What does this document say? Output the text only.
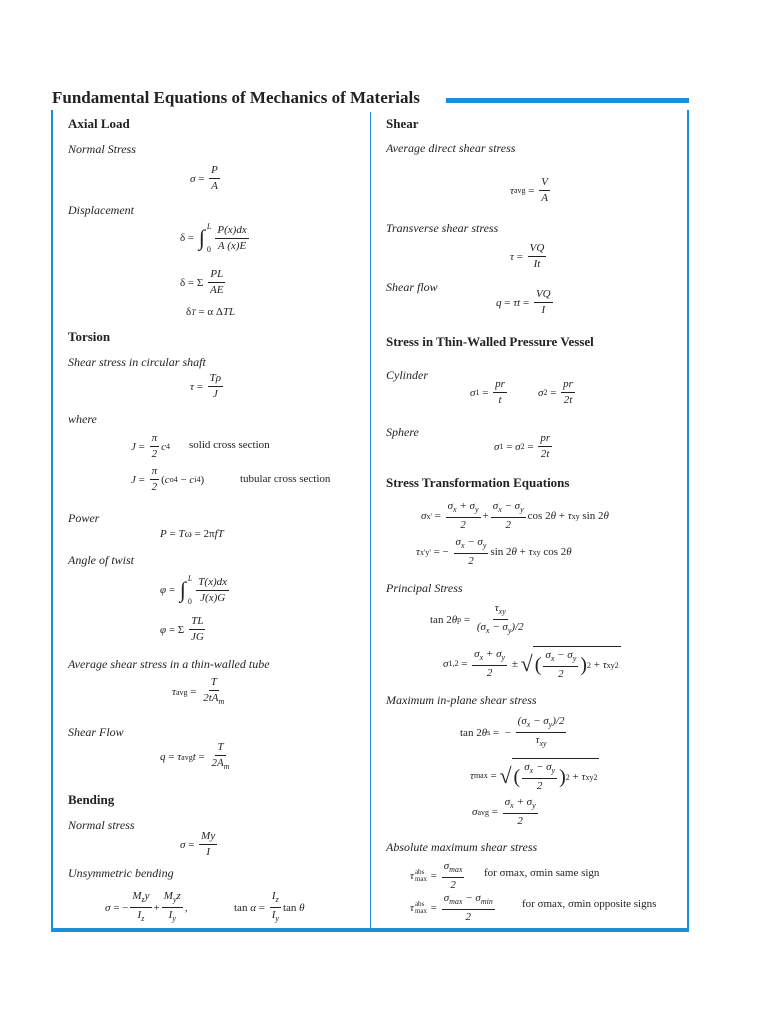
Fundamental Equations of Mechanics of Materials
Axial Load
Normal Stress
$\sigma = \frac{P}{A}$
Displacement
δ = ∫ L
$0 \frac{P(x)dx}{A (x)E}$
δ = Σ $\frac{PL}{AE}$
δ T = α Δ TL
Torsion
Shear stress in circular shaft
$\tau = \frac{T\rho}{J}$
where
$J = \frac{\pi}{2}$ c 4 solid cross section
$J = \frac{\pi}{2}$ ( c o 4 − c i 4 )	tubular cross section
Power
P = T ω = 2π fT
Angle of twist
φ = ∫ L
$0 \frac{T(x)dx}{J(x)G}$
φ = Σ $\frac{TL}{JG}$
Average shear stress in a thin-walled tube
τ avg = $\frac{T}{2tA_m}$
Shear Flow
q = τ avg $t = \frac{T}{2A_m}$
Bending
Normal stress
$\sigma = \frac{My}{I}$
Unsymmetric bending
σ = − $\frac{M_zy}{I_z} + \frac{M_yz}{I_y}$ ,	$\tan \alpha = \frac{I_z}{I_y}$ tan θ
Shear
Average direct shear stress
τ avg = $\frac{V}{A}$
Transverse shear stress
$\tau = \frac{VQ}{It}$
Shear flow
$q = \tau t = \frac{VQ}{I}$
Stress in Thin-Walled Pressure Vessel
Cylinder
σ $1 = \frac{pr}{t}$	σ $2 = \frac{pr}{2t}$
Sphere
σ 1 = σ $2 = \frac{pr}{2t}$
Stress Transformation Equations
σ $x' = \frac{\sigma_x + \sigma_y}{2} + \frac{\sigma_x - \sigma_y}{2}$ cos 2 θ + τ xy sin 2 θ
τ x'y' = − $\frac{\sigma_x - \sigma_y}{2}$ sin 2 θ + τ xy cos 2 θ
Principal Stress
tan 2 θ $p = \frac{\tau_{xy}}{(\sigma_x - \sigma_y)/2}$
σ $1,2 = \frac{\sigma_x + \sigma_y}{2}$ ± √ ( $\frac{\sigma_x - \sigma_y}{2}$ ) 2 + τ xy 2
Maximum in-plane shear stress
tan 2 θ s =  − $\frac{(\sigma_x - \sigma_y)/2}{\tau_{xy}}$
τ max = √ ( $\frac{\sigma_x - \sigma_y}{2}$ ) 2 + τ xy 2
σ avg = $\frac{\sigma_x + \sigma_y}{2}$
Absolute maximum shear stress
τ abs
$\max = \frac{\sigma_{max}}{2}$ for σmax, σmin same sign
τ abs
$\max = \frac{\sigma_{max} - \sigma_{min}}{2}$ for σmax, σmin opposite signs
